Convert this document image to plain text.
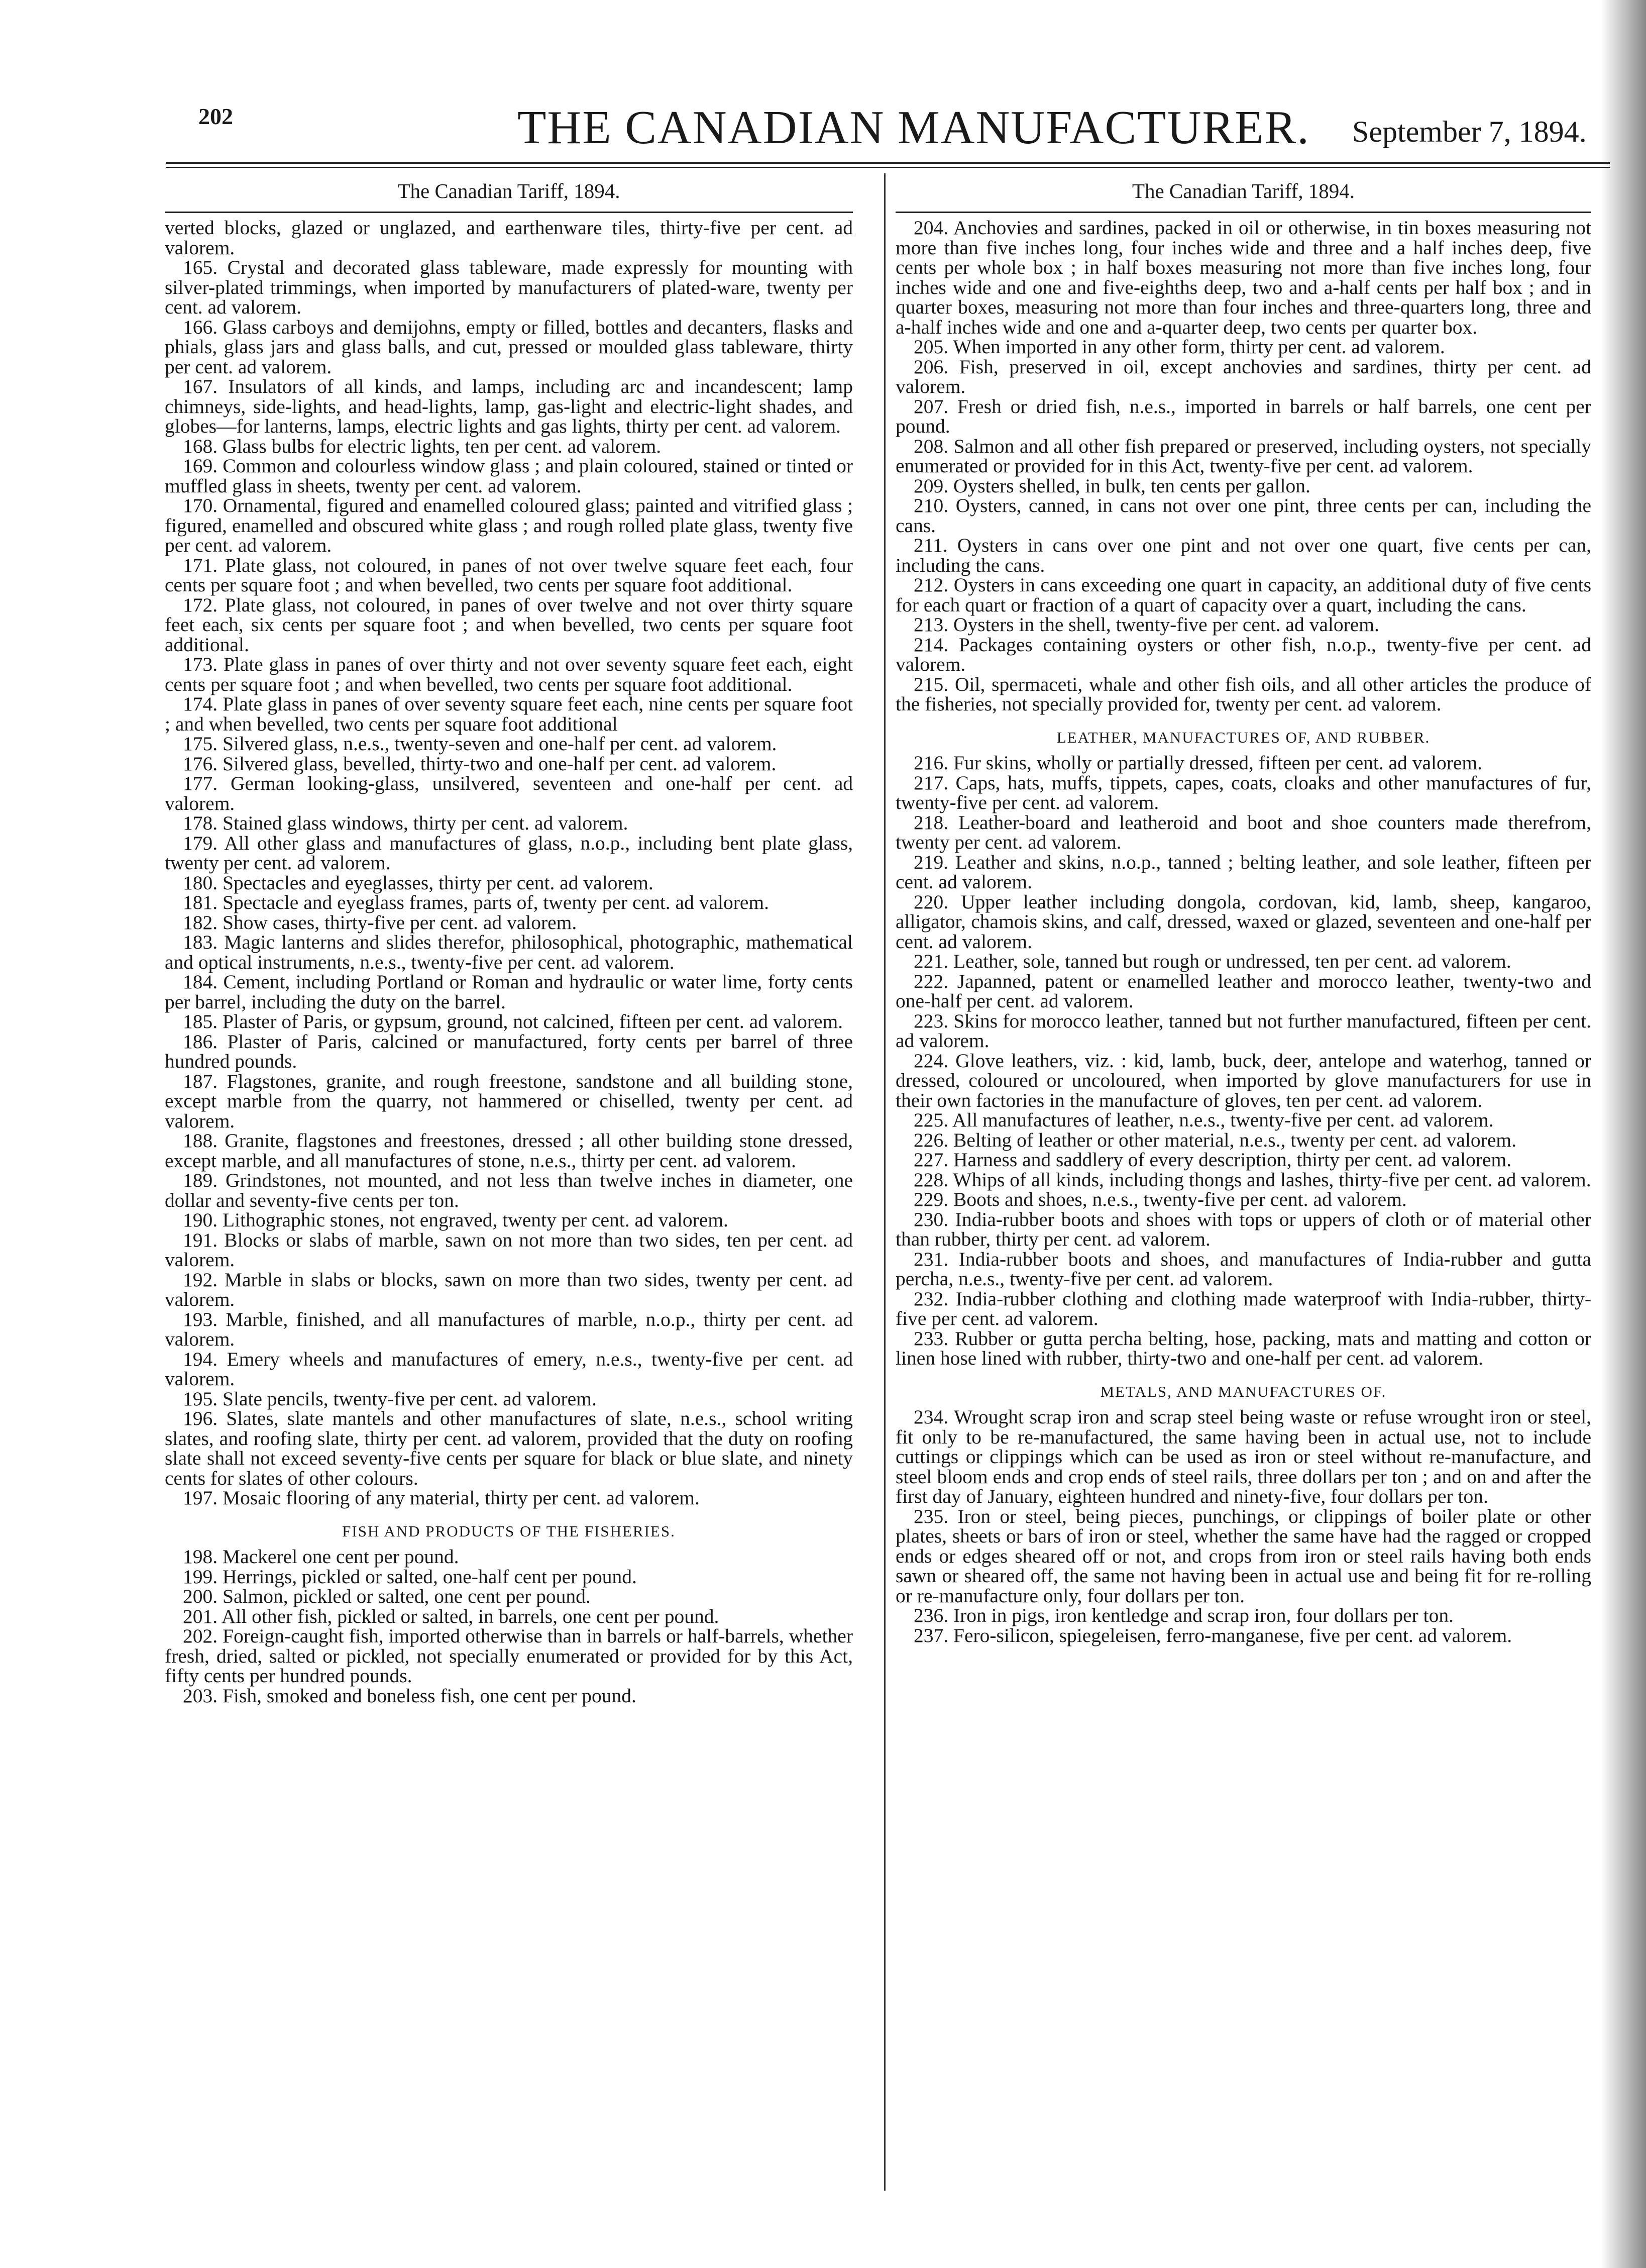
202	THE CANADIAN MANUFACTURER. September 7, 1894.
The Canadian Tariff, 1894.

verted blocks, glazed or unglazed, and earthenware tiles, thirty-five per cent. ad valorem.

165. Crystal and decorated glass tableware, made expressly for mounting with silver-plated trimmings, when imported by manufacturers of plated-ware, twenty per cent. ad valorem.

166. Glass carboys and demijohns, empty or filled, bottles and decanters, flasks and phials, glass jars and glass balls, and cut, pressed or moulded glass tableware, thirty per cent. ad valorem.

167. Insulators of all kinds, and lamps, including arc and incandescent; lamp chimneys, side-lights, and head-lights, lamp, gas-light and electric-light shades, and globes—for lanterns, lamps, electric lights and gas lights, thirty per cent. ad valorem.

168. Glass bulbs for electric lights, ten per cent. ad valorem.

169. Common and colourless window glass ; and plain coloured, stained or tinted or muffled glass in sheets, twenty per cent. ad valorem.

170. Ornamental, figured and enamelled coloured glass; painted and vitrified glass ; figured, enamelled and obscured white glass ; and rough rolled plate glass, twenty five per cent. ad valorem.

171. Plate glass, not coloured, in panes of not over twelve square feet each, four cents per square foot ; and when bevelled, two cents per square foot additional.

172. Plate glass, not coloured, in panes of over twelve and not over thirty square feet each, six cents per square foot ; and when bevelled, two cents per square foot additional.

173. Plate glass in panes of over thirty and not over seventy square feet each, eight cents per square foot ; and when bevelled, two cents per square foot additional.

174. Plate glass in panes of over seventy square feet each, nine cents per square foot ; and when bevelled, two cents per square foot additional

175. Silvered glass, n.e.s., twenty-seven and one-half per cent. ad valorem.

176. Silvered glass, bevelled, thirty-two and one-half per cent. ad valorem.

177. German looking-glass, unsilvered, seventeen and one-half per cent. ad valorem.

178. Stained glass windows, thirty per cent. ad valorem.

179. All other glass and manufactures of glass, n.o.p., including bent plate glass, twenty per cent. ad valorem.

180. Spectacles and eyeglasses, thirty per cent. ad valorem.

181. Spectacle and eyeglass frames, parts of, twenty per cent. ad valorem.

182. Show cases, thirty-five per cent. ad valorem.

183. Magic lanterns and slides therefor, philosophical, photographic, mathematical and optical instruments, n.e.s., twenty-five per cent. ad valorem.

184. Cement, including Portland or Roman and hydraulic or water lime, forty cents per barrel, including the duty on the barrel.

185. Plaster of Paris, or gypsum, ground, not calcined, fifteen per cent. ad valorem.

186. Plaster of Paris, calcined or manufactured, forty cents per barrel of three hundred pounds.

187. Flagstones, granite, and rough freestone, sandstone and all building stone, except marble from the quarry, not hammered or chiselled, twenty per cent. ad valorem.

188. Granite, flagstones and freestones, dressed ; all other building stone dressed, except marble, and all manufactures of stone, n.e.s., thirty per cent. ad valorem.

189. Grindstones, not mounted, and not less than twelve inches in diameter, one dollar and seventy-five cents per ton.

190. Lithographic stones, not engraved, twenty per cent. ad valorem.

191. Blocks or slabs of marble, sawn on not more than two sides, ten per cent. ad valorem.

192. Marble in slabs or blocks, sawn on more than two sides, twenty per cent. ad valorem.

193. Marble, finished, and all manufactures of marble, n.o.p., thirty per cent. ad valorem.

194. Emery wheels and manufactures of emery, n.e.s., twenty-five per cent. ad valorem.

195. Slate pencils, twenty-five per cent. ad valorem.

196. Slates, slate mantels and other manufactures of slate, n.e.s., school writing slates, and roofing slate, thirty per cent. ad valorem, provided that the duty on roofing slate shall not exceed seventy-five cents per square for black or blue slate, and ninety cents for slates of other colours.

197. Mosaic flooring of any material, thirty per cent. ad valorem.

FISH AND PRODUCTS OF THE FISHERIES.

198. Mackerel one cent per pound.

199. Herrings, pickled or salted, one-half cent per pound.

200. Salmon, pickled or salted, one cent per pound.

201. All other fish, pickled or salted, in barrels, one cent per pound.

202. Foreign-caught fish, imported otherwise than in barrels or half-barrels, whether fresh, dried, salted or pickled, not specially enumerated or provided for by this Act, fifty cents per hundred pounds.

203. Fish, smoked and boneless fish, one cent per pound.

The Canadian Tariff, 1894.

204. Anchovies and sardines, packed in oil or otherwise, in tin boxes measuring not more than five inches long, four inches wide and three and a half inches deep, five cents per whole box ; in half boxes measuring not more than five inches long, four inches wide and one and five-eighths deep, two and a-half cents per half box ; and in quarter boxes, measuring not more than four inches and three-quarters long, three and a-half inches wide and one and a-quarter deep, two cents per quarter box.

205. When imported in any other form, thirty per cent. ad valorem.

206. Fish, preserved in oil, except anchovies and sardines, thirty per cent. ad valorem.

207. Fresh or dried fish, n.e.s., imported in barrels or half barrels, one cent per pound.

208. Salmon and all other fish prepared or preserved, including oysters, not specially enumerated or provided for in this Act, twenty-five per cent. ad valorem.

209. Oysters shelled, in bulk, ten cents per gallon.

210. Oysters, canned, in cans not over one pint, three cents per can, including the cans.

211. Oysters in cans over one pint and not over one quart, five cents per can, including the cans.

212. Oysters in cans exceeding one quart in capacity, an additional duty of five cents for each quart or fraction of a quart of capacity over a quart, including the cans.

213. Oysters in the shell, twenty-five per cent. ad valorem.

214. Packages containing oysters or other fish, n.o.p., twenty-five per cent. ad valorem.

215. Oil, spermaceti, whale and other fish oils, and all other articles the produce of the fisheries, not specially provided for, twenty per cent. ad valorem.

LEATHER, MANUFACTURES OF, AND RUBBER.

216. Fur skins, wholly or partially dressed, fifteen per cent. ad valorem.

217. Caps, hats, muffs, tippets, capes, coats, cloaks and other manufactures of fur, twenty-five per cent. ad valorem.

218. Leather-board and leatheroid and boot and shoe counters made therefrom, twenty per cent. ad valorem.

219. Leather and skins, n.o.p., tanned ; belting leather, and sole leather, fifteen per cent. ad valorem.

220. Upper leather including dongola, cordovan, kid, lamb, sheep, kangaroo, alligator, chamois skins, and calf, dressed, waxed or glazed, seventeen and one-half per cent. ad valorem.

221. Leather, sole, tanned but rough or undressed, ten per cent. ad valorem.

222. Japanned, patent or enamelled leather and morocco leather, twenty-two and one-half per cent. ad valorem.

223. Skins for morocco leather, tanned but not further manufactured, fifteen per cent. ad valorem.

224. Glove leathers, viz. : kid, lamb, buck, deer, antelope and waterhog, tanned or dressed, coloured or uncoloured, when imported by glove manufacturers for use in their own factories in the manufacture of gloves, ten per cent. ad valorem.

225. All manufactures of leather, n.e.s., twenty-five per cent. ad valorem.

226. Belting of leather or other material, n.e.s., twenty per cent. ad valorem.

227. Harness and saddlery of every description, thirty per cent. ad valorem.

228. Whips of all kinds, including thongs and lashes, thirty-five per cent. ad valorem.

229. Boots and shoes, n.e.s., twenty-five per cent. ad valorem.

230. India-rubber boots and shoes with tops or uppers of cloth or of material other than rubber, thirty per cent. ad valorem.

231. India-rubber boots and shoes, and manufactures of India-rubber and gutta percha, n.e.s., twenty-five per cent. ad valorem.

232. India-rubber clothing and clothing made waterproof with India-rubber, thirty-five per cent. ad valorem.

233. Rubber or gutta percha belting, hose, packing, mats and matting and cotton or linen hose lined with rubber, thirty-two and one-half per cent. ad valorem.

METALS, AND MANUFACTURES OF.

234. Wrought scrap iron and scrap steel being waste or refuse wrought iron or steel, fit only to be re-manufactured, the same having been in actual use, not to include cuttings or clippings which can be used as iron or steel without re-manufacture, and steel bloom ends and crop ends of steel rails, three dollars per ton ; and on and after the first day of January, eighteen hundred and ninety-five, four dollars per ton.

235. Iron or steel, being pieces, punchings, or clippings of boiler plate or other plates, sheets or bars of iron or steel, whether the same have had the ragged or cropped ends or edges sheared off or not, and crops from iron or steel rails having both ends sawn or sheared off, the same not having been in actual use and being fit for re-rolling or re-manufacture only, four dollars per ton.

236. Iron in pigs, iron kentledge and scrap iron, four dollars per ton.

237. Fero-silicon, spiegeleisen, ferro-manganese, five per cent. ad valorem.
